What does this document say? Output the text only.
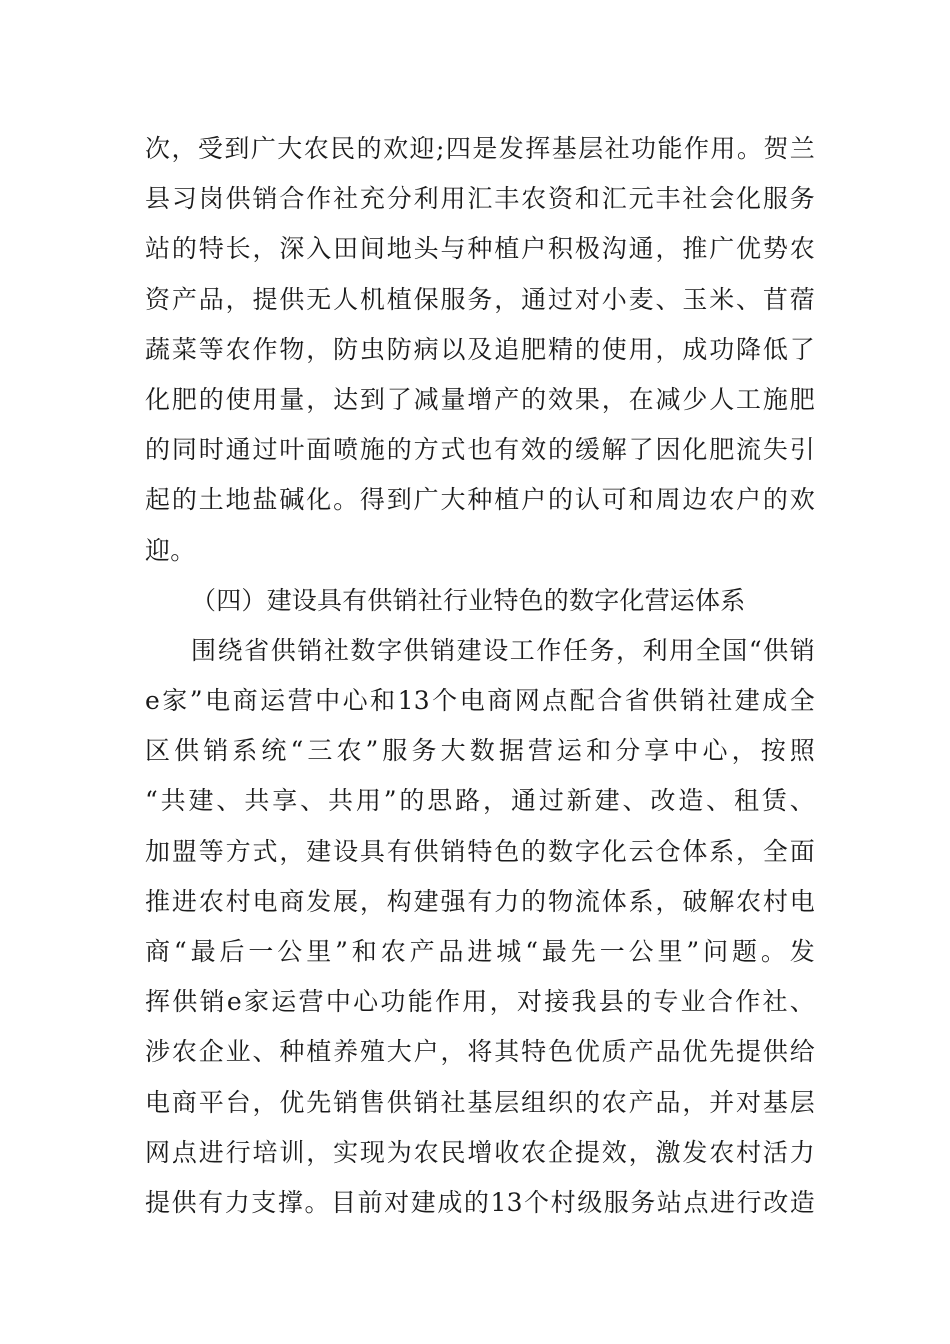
次，受到广大农民的欢迎;四是发挥基层社功能作用。贺兰
县习岗供销合作社充分利用汇丰农资和汇元丰社会化服务
站的特长，深入田间地头与种植户积极沟通，推广优势农
资产品，提供无人机植保服务，通过对小麦、玉米、苜蓿
蔬菜等农作物，防虫防病以及追肥精的使用，成功降低了
化肥的使用量，达到了减量增产的效果，在减少人工施肥
的同时通过叶面喷施的方式也有效的缓解了因化肥流失引
起的土地盐碱化。得到广大种植户的认可和周边农户的欢
迎。
（四）建设具有供销社行业特色的数字化营运体系
围绕省供销社数字供销建设工作任务，利用全国“供销
e家”电商运营中心和13个电商网点配合省供销社建成全
区供销系统“三农”服务大数据营运和分享中心，按照
“共建、共享、共用”的思路，通过新建、改造、租赁、
加盟等方式，建设具有供销特色的数字化云仓体系，全面
推进农村电商发展，构建强有力的物流体系，破解农村电
商“最后一公里”和农产品进城“最先一公里”问题。发
挥供销e家运营中心功能作用，对接我县的专业合作社、
涉农企业、种植养殖大户，将其特色优质产品优先提供给
电商平台，优先销售供销社基层组织的农产品，并对基层
网点进行培训，实现为农民增收农企提效，激发农村活力
提供有力支撑。目前对建成的13个村级服务站点进行改造
